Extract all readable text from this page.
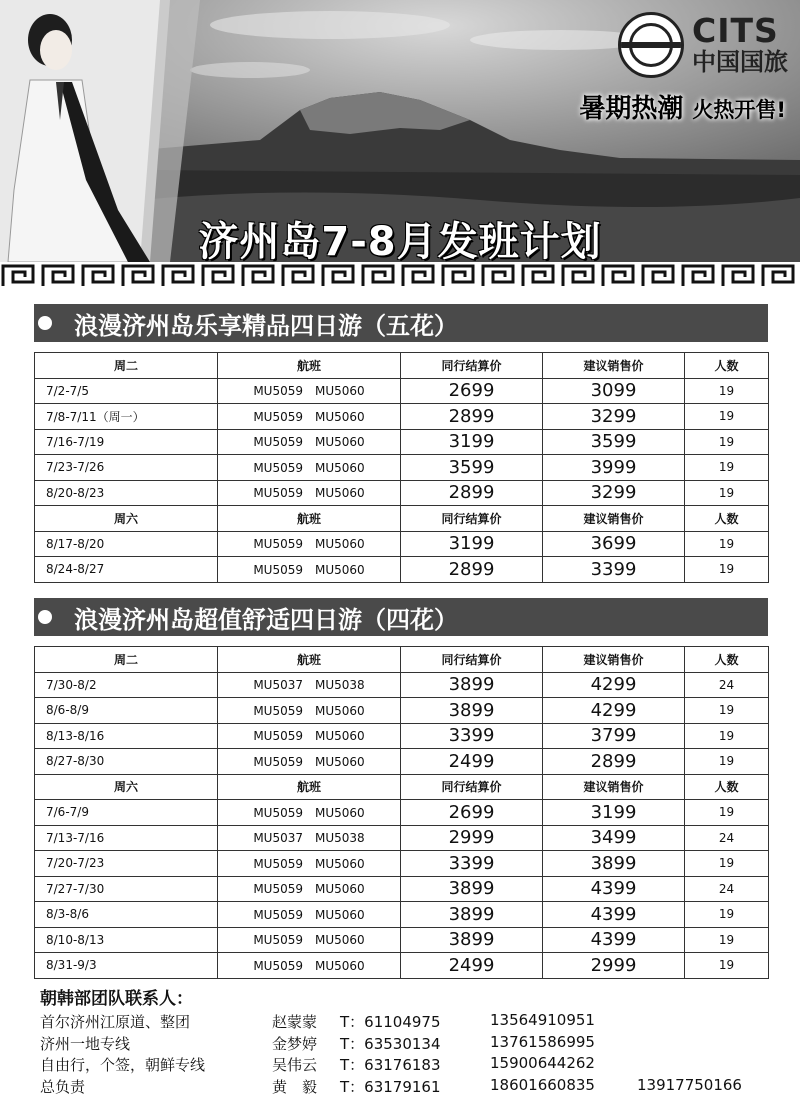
CITS
中国国旅
暑期热潮 火热开售!
济州岛7-8月发班计划
浪漫济州岛乐享精品四日游（五花）
周二	航班	同行结算价	建议销售价	人数
7/2-7/5	MU5059　MU5060	2699	3099	19
7/8-7/11（周一）	MU5059　MU5060	2899	3299	19
7/16-7/19	MU5059　MU5060	3199	3599	19
7/23-7/26	MU5059　MU5060	3599	3999	19
8/20-8/23	MU5059　MU5060	2899	3299	19
周六	航班	同行结算价	建议销售价	人数
8/17-8/20	MU5059　MU5060	3199	3699	19
8/24-8/27	MU5059　MU5060	2899	3399	19
浪漫济州岛超值舒适四日游（四花）
周二	航班	同行结算价	建议销售价	人数
7/30-8/2	MU5037　MU5038	3899	4299	24
8/6-8/9	MU5059　MU5060	3899	4299	19
8/13-8/16	MU5059　MU5060	3399	3799	19
8/27-8/30	MU5059　MU5060	2499	2899	19
周六	航班	同行结算价	建议销售价	人数
7/6-7/9	MU5059　MU5060	2699	3199	19
7/13-7/16	MU5037　MU5038	2999	3499	24
7/20-7/23	MU5059　MU5060	3399	3899	19
7/27-7/30	MU5059　MU5060	3899	4399	24
8/3-8/6	MU5059　MU5060	3899	4399	19
8/10-8/13	MU5059　MU5060	3899	4399	19
8/31-9/3	MU5059　MU5060	2499	2999	19
朝韩部团队联系人：
首尔济州江原道、整团	赵蒙蒙 T：61104975	13564910951
济州一地专线	金梦婷 T：63530134	13761586995
自由行，个签，朝鲜专线	吴伟云 T：63176183	15900644262
总负责	黄　毅 T：63179161	18601660835	13917750166
